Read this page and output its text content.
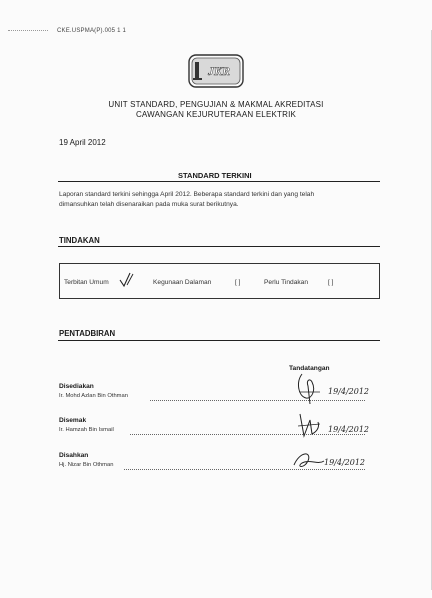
CKE.USPMA(P).005 1 1
JKR
UNIT STANDARD, PENGUJIAN & MAKMAL AKREDITASI
CAWANGAN KEJURUTERAAN ELEKTRIK
19 April 2012
STANDARD TERKINI
Laporan standard terkini sehingga April 2012. Beberapa standard terkini dan yang telah
dimansuhkan telah disenaraikan pada muka surat berikutnya.
TINDAKAN
Terbitan Umum	Kegunaan Dalaman	[ ]	Perlu Tindakan	[ ]
PENTADBIRAN
Tandatangan
Disediakan
Ir. Mohd Azlan Bin Othman	19/4/2012
Disemak
Ir. Hamzah Bin Ismail	19/4/2012
Disahkan
Hj. Nizar Bin Othman	19/4/2012
